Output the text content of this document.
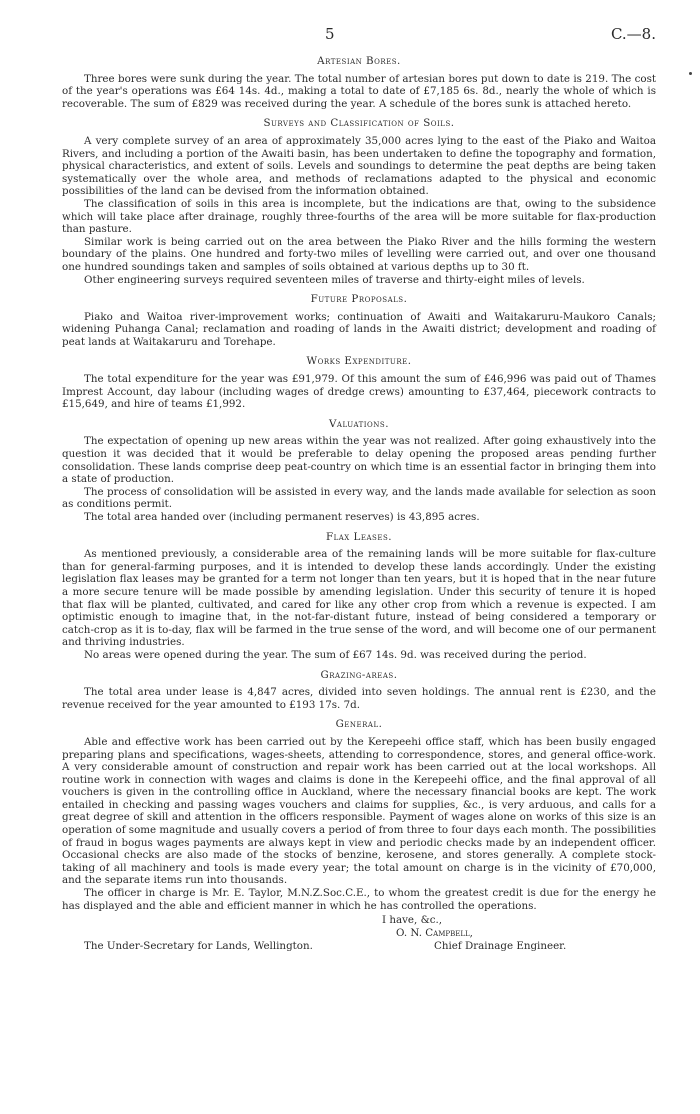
5	C.—8.
Artesian Bores.

Three bores were sunk during the year. The total number of artesian bores put down to date is 219. The cost of the year's operations was £64 14s. 4d., making a total to date of £7,185 6s. 8d., nearly the whole of which is recoverable. The sum of £829 was received during the year. A schedule of the bores sunk is attached hereto.

Surveys and Classification of Soils.

A very complete survey of an area of approximately 35,000 acres lying to the east of the Piako and Waitoa Rivers, and including a portion of the Awaiti basin, has been undertaken to define the topography and formation, physical characteristics, and extent of soils. Levels and soundings to determine the peat depths are being taken systematically over the whole area, and methods of reclamations adapted to the physical and economic possibilities of the land can be devised from the information obtained.

The classification of soils in this area is incomplete, but the indications are that, owing to the subsidence which will take place after drainage, roughly three-fourths of the area will be more suitable for flax-production than pasture.

Similar work is being carried out on the area between the Piako River and the hills forming the western boundary of the plains. One hundred and forty-two miles of levelling were carried out, and over one thousand one hundred soundings taken and samples of soils obtained at various depths up to 30 ft.

Other engineering surveys required seventeen miles of traverse and thirty-eight miles of levels.

Future Proposals.

Piako and Waitoa river-improvement works; continuation of Awaiti and Waitakaruru-Maukoro Canals; widening Puhanga Canal; reclamation and roading of lands in the Awaiti district; development and roading of peat lands at Waitakaruru and Torehape.

Works Expenditure.

The total expenditure for the year was £91,979. Of this amount the sum of £46,996 was paid out of Thames Imprest Account, day labour (including wages of dredge crews) amounting to £37,464, piecework contracts to £15,649, and hire of teams £1,992.

Valuations.

The expectation of opening up new areas within the year was not realized. After going exhaustively into the question it was decided that it would be preferable to delay opening the proposed areas pending further consolidation. These lands comprise deep peat-country on which time is an essential factor in bringing them into a state of production.

The process of consolidation will be assisted in every way, and the lands made available for selection as soon as conditions permit.

The total area handed over (including permanent reserves) is 43,895 acres.

Flax Leases.

As mentioned previously, a considerable area of the remaining lands will be more suitable for flax-culture than for general-farming purposes, and it is intended to develop these lands accordingly. Under the existing legislation flax leases may be granted for a term not longer than ten years, but it is hoped that in the near future a more secure tenure will be made possible by amending legislation. Under this security of tenure it is hoped that flax will be planted, cultivated, and cared for like any other crop from which a revenue is expected. I am optimistic enough to imagine that, in the not-far-distant future, instead of being considered a temporary or catch-crop as it is to-day, flax will be farmed in the true sense of the word, and will become one of our permanent and thriving industries.

No areas were opened during the year. The sum of £67 14s. 9d. was received during the period.

Grazing-areas.

The total area under lease is 4,847 acres, divided into seven holdings. The annual rent is £230, and the revenue received for the year amounted to £193 17s. 7d.

General.

Able and effective work has been carried out by the Kerepeehi office staff, which has been busily engaged preparing plans and specifications, wages-sheets, attending to correspondence, stores, and general office-work. A very considerable amount of construction and repair work has been carried out at the local workshops. All routine work in connection with wages and claims is done in the Kerepeehi office, and the final approval of all vouchers is given in the controlling office in Auckland, where the necessary financial books are kept. The work entailed in checking and passing wages vouchers and claims for supplies, &c., is very arduous, and calls for a great degree of skill and attention in the officers responsible. Payment of wages alone on works of this size is an operation of some magnitude and usually covers a period of from three to four days each month. The possibilities of fraud in bogus wages payments are always kept in view and periodic checks made by an independent officer. Occasional checks are also made of the stocks of benzine, kerosene, and stores generally. A complete stock-taking of all machinery and tools is made every year; the total amount on charge is in the vicinity of £70,000, and the separate items run into thousands.

The officer in charge is Mr. E. Taylor, M.N.Z.Soc.C.E., to whom the greatest credit is due for the energy he has displayed and the able and efficient manner in which he has controlled the operations.

I have, &c.,
O. N. Campbell,
The Under-Secretary for Lands, Wellington.	Chief Drainage Engineer.
